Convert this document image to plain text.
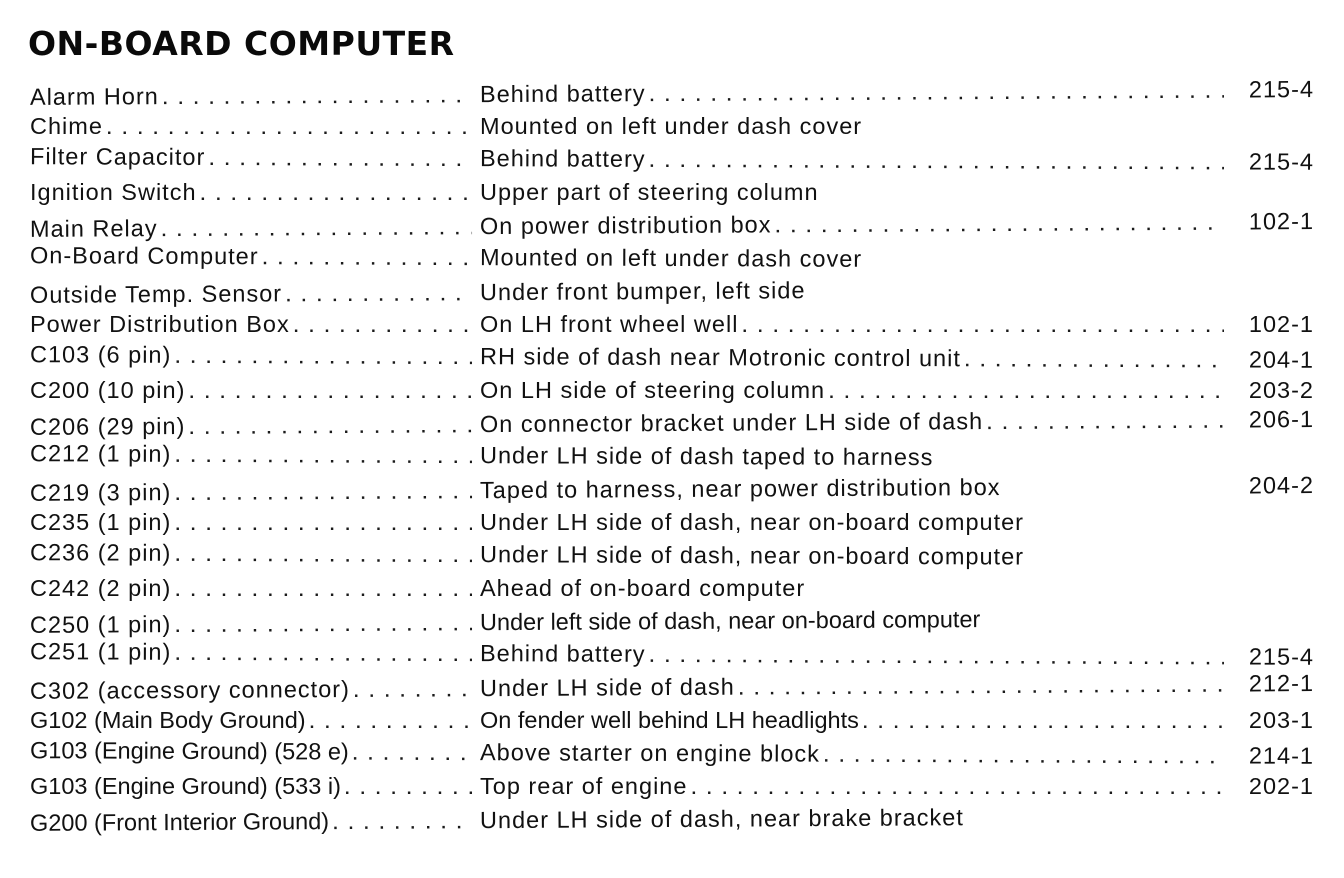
ON-BOARD COMPUTER
Alarm Horn . . .	Behind battery . . .	215-4
Chime . . .	Mounted on left under dash cover
Filter Capacitor . . .	Behind battery . . .	215-4
Ignition Switch . . .	Upper part of steering column
Main Relay . . .	On power distribution box . . .	102-1
On-Board Computer . . .	Mounted on left under dash cover
Outside Temp. Sensor . . .	Under front bumper, left side
Power Distribution Box . . .	On LH front wheel well . . .	102-1
C103 (6 pin) . . .	RH side of dash near Motronic control unit . . .	204-1
C200 (10 pin) . . .	On LH side of steering column . . .	203-2
C206 (29 pin) . . .	On connector bracket under LH side of dash . . .	206-1
C212 (1 pin) . . .	Under LH side of dash taped to harness
C219 (3 pin) . . .	Taped to harness, near power distribution box	204-2
C235 (1 pin) . . .	Under LH side of dash, near on-board computer
C236 (2 pin) . . .	Under LH side of dash, near on-board computer
C242 (2 pin) . . .	Ahead of on-board computer
C250 (1 pin) . . .	Under left side of dash, near on-board computer
C251 (1 pin) . . .	Behind battery . . .	215-4
C302 (accessory connector) . . .	Under LH side of dash . . .	212-1
G102 (Main Body Ground) . . .	On fender well behind LH headlights . . .	203-1
G103 (Engine Ground) (528 e) . . .	Above starter on engine block . . .	214-1
G103 (Engine Ground) (533 i) . . .	Top rear of engine . . .	202-1
G200 (Front Interior Ground) . . .	Under LH side of dash, near brake bracket
